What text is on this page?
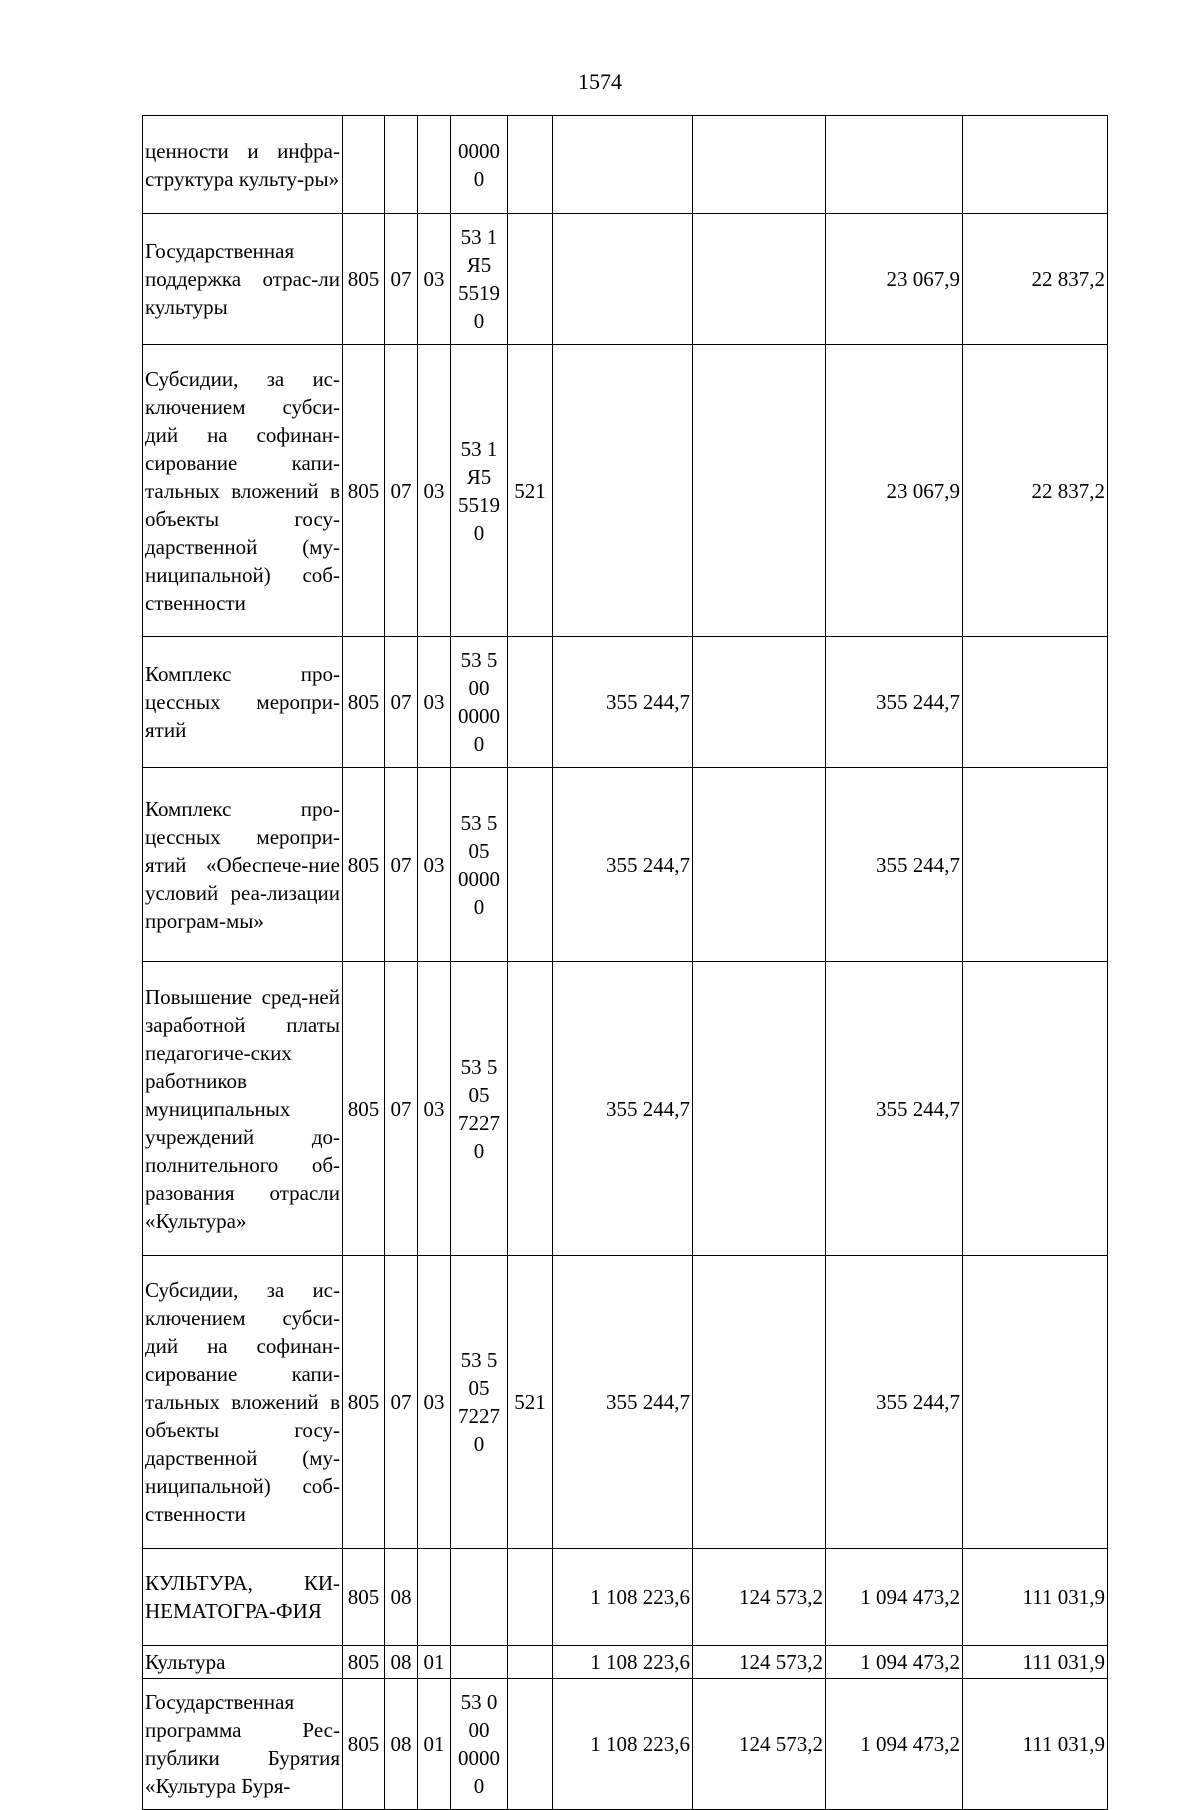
1574
ценности и инфра-структура культу-ры»				0000 0					
Государственная поддержка отрас-ли культуры	805	07	03	53 1 Я5 5519 0				23 067,9	22 837,2
Субсидии, за ис-ключением субси-дий на софинан-сирование капи-тальных вложений в объекты госу-дарственной (му-ниципальной) соб-ственности	805	07	03	53 1 Я5 5519 0	521			23 067,9	22 837,2
Комплекс про-цессных меропри-ятий	805	07	03	53 5 00 0000 0		355 244,7		355 244,7	
Комплекс про-цессных меропри-ятий «Обеспече-ние условий реа-лизации програм-мы»	805	07	03	53 5 05 0000 0		355 244,7		355 244,7	
Повышение сред-ней заработной платы педагогиче-ских работников муниципальных учреждений до-полнительного об-разования отрасли «Культура»	805	07	03	53 5 05 7227 0		355 244,7		355 244,7	
Субсидии, за ис-ключением субси-дий на софинан-сирование капи-тальных вложений в объекты госу-дарственной (му-ниципальной) соб-ственности	805	07	03	53 5 05 7227 0	521	355 244,7		355 244,7	
КУЛЬТУРА, КИ-НЕМАТОГРА-ФИЯ	805	08				1 108 223,6	124 573,2	1 094 473,2	111 031,9
Культура	805	08	01			1 108 223,6	124 573,2	1 094 473,2	111 031,9
Государственная программа Рес-публики Бурятия «Культура Буря-	805	08	01	53 0 00 0000 0		1 108 223,6	124 573,2	1 094 473,2	111 031,9
